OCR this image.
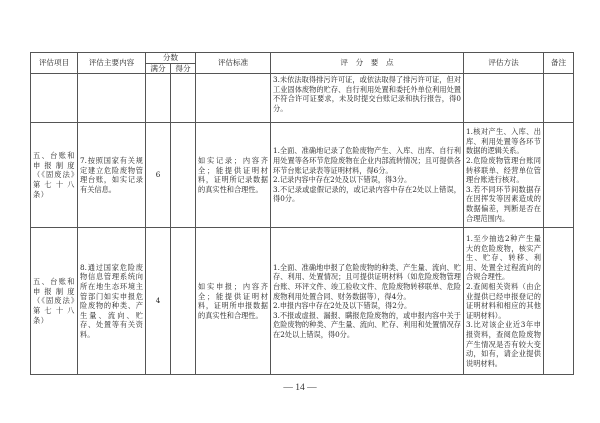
评估项目	评估主要内容	分数		评估标准	评　分　要　点	评估方法	备注
		满分	得分				

					3.未依法取得排污许可证，或依法取得了排污许可证，但对工业固体废物的贮存、自行利用处置和委托外单位利用处置不符合许可证要求，未及时提交台账记录和执行报告，得0分。		

五、台账和申报制度（《固废法》第七十八条）	7.按照国家有关规定建立危险废物管理台账，如实记录有关信息。	6		如实记录；内容齐全；能提供证明材料，证明所记录数据的真实性和合理性。	1.全面、准确地记录了危险废物产生、入库、出库、自行利用处置等各环节危险废物在企业内部流转情况；且可提供各环节台账记录表等证明材料，得6分。
2.记录内容中存在2处及以下错误，得3分。
3.不记录或虚假记录的，或记录内容中存在2处以上错误，得0分。	1.核对产生、入库、出库、利用处置等各环节数据的逻辑关系。
2.危险废物管理台账同转移联单、经营单位管理台账进行核对。
3.若不同环节间数据存在因挥发等因素造成的数据偏差，判断是否在合理范围内。	

五、台账和申报制度（《固废法》第七十八条）	8.通过国家危险废物信息管理系统向所在地生态环境主管部门如实申报危险废物的种类、产生量、流向、贮存、处置等有关资料。	4		如实申报；内容齐全；能提供证明材料，证明所申报数据的真实性和合理性。	1.全面、准确地申报了危险废物的种类、产生量、流向、贮存、利用、处置情况；且可提供证明材料（如危险废物管理台账、环评文件、竣工验收文件、危险废物转移联单、危险废物利用处置合同、财务数据等），得4分。
2.申报内容中存在2处及以下错误，得2分。
3.不报或虚报、漏报、瞒报危险废物的，或申报内容中关于危险废物的种类、产生量、流向、贮存、利用和处置情况存在2处以上错误，得0分。	1.至少抽选2种产生量大的危险废物，核实产生、贮存、转移、利用、处置全过程流向的合规合理性。
2.查阅相关资料（由企业提供已经申报登记的证明材料和相应的其他证明材料）。
3.比对该企业近3年申报资料，查阅危险废物产生情况是否有较大变动，如有，请企业提供说明材料。	

— 14 —
